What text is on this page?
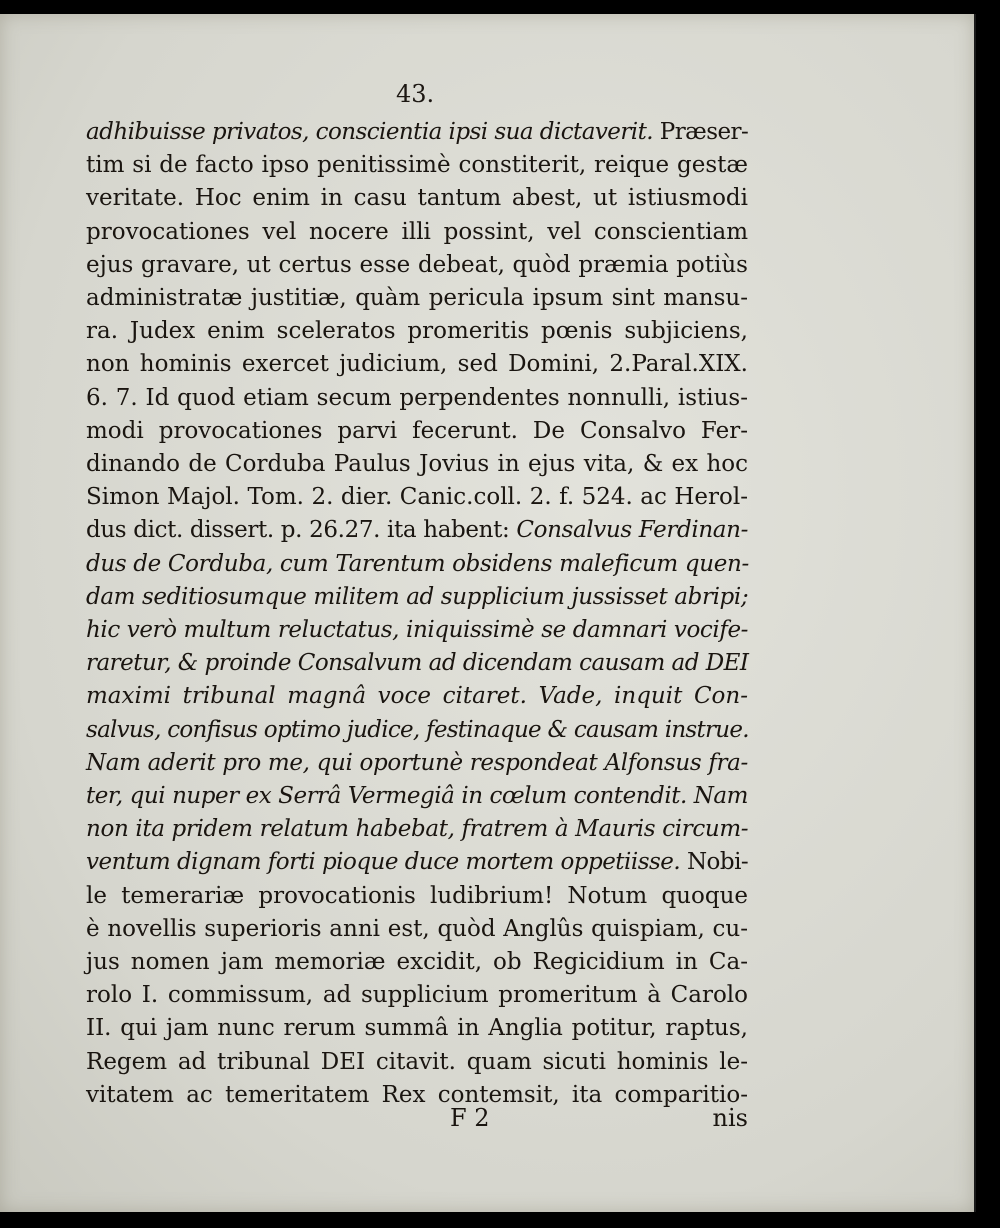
43.
adhibuisse privatos, conscientia ipsi sua dictaverit. Præser-
tim si de facto ipso penitissimè constiterit, reique gestæ
veritate. Hoc enim in casu tantum abest, ut istiusmodi
provocationes vel nocere illi possint, vel conscientiam
ejus gravare, ut certus esse debeat, quòd præmia potiùs
administratæ justitiæ, quàm pericula ipsum sint mansu-
ra. Judex enim sceleratos promeritis pœnis subjiciens,
non hominis exercet judicium, sed Domini, 2.Paral.XIX.
6. 7. Id quod etiam secum perpendentes nonnulli, istius-
modi provocationes parvi fecerunt. De Consalvo Fer-
dinando de Corduba Paulus Jovius in ejus vita, & ex hoc
Simon Majol. Tom. 2. dier. Canic.coll. 2. f. 524. ac Herol-
dus dict. dissert. p. 26.27. ita habent: Consalvus Ferdinan-
dus de Corduba, cum Tarentum obsidens maleficum quen-
dam seditiosumque militem ad supplicium jussisset abripi;
hic verò multum reluctatus, iniquissimè se damnari vocife-
raretur, & proinde Consalvum ad dicendam causam ad DEI
maximi tribunal magnâ voce citaret. Vade, inquit Con-
salvus, confisus optimo judice, festinaque & causam instrue.
Nam aderit pro me, qui oportunè respondeat Alfonsus fra-
ter, qui nuper ex Serrâ Vermegiâ in cœlum contendit. Nam
non ita pridem relatum habebat, fratrem à Mauris circum-
ventum dignam forti pioque duce mortem oppetiisse. Nobi-
le temerariæ provocationis ludibrium! Notum quoque
è novellis superioris anni est, quòd Anglûs quispiam, cu-
jus nomen jam memoriæ excidit, ob Regicidium in Ca-
rolo I. commissum, ad supplicium promeritum à Carolo
II. qui jam nunc rerum summâ in Anglia potitur, raptus,
Regem ad tribunal DEI citavit. quam sicuti hominis le-
vitatem ac temeritatem Rex contemsit, ita comparitio-
F 2	nis
